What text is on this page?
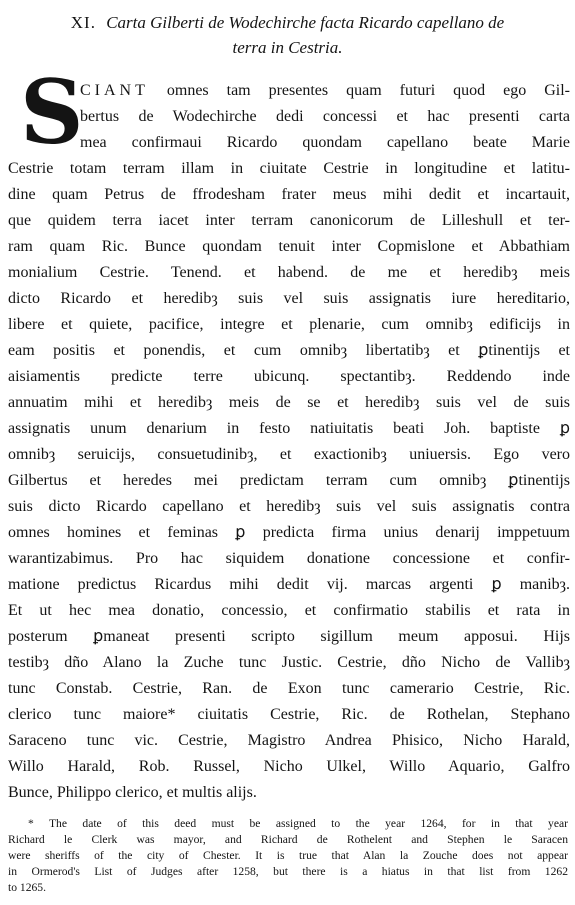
XI. Carta Gilberti de Wodechirche facta Ricardo capellano de
terra in Cestria.
S
CIANT omnes tam presentes quam futuri quod ego Gil-
bertus de Wodechirche dedi concessi et hac presenti carta
mea confirmaui Ricardo quondam capellano beate Marie
Cestrie totam terram illam in ciuitate Cestrie in longitudine et latitu-
dine quam Petrus de ffrodesham frater meus mihi dedit et incartauit,
que quidem terra iacet inter terram canonicorum de Lilleshull et ter-
ram quam Ric. Bunce quondam tenuit inter Copmislone et Abbathiam
monialium Cestrie. Tenend. et habend. de me et heredibȝ meis
dicto Ricardo et heredibȝ suis vel suis assignatis iure hereditario,
libere et quiete, pacifice, integre et plenarie, cum omnibȝ edificijs in
eam positis et ponendis, et cum omnibȝ libertatibȝ et ꝑtinentijs et
aisiamentis predicte terre ubicunq. spectantibȝ. Reddendo inde
annuatim mihi et heredibȝ meis de se et heredibȝ suis vel de suis
assignatis unum denarium in festo natiuitatis beati Joh. baptiste ꝑ
omnibȝ seruicijs, consuetudinibȝ, et exactionibȝ uniuersis. Ego vero
Gilbertus et heredes mei predictam terram cum omnibȝ ꝑtinentijs
suis dicto Ricardo capellano et heredibȝ suis vel suis assignatis contra
omnes homines et feminas ꝑ predicta firma unius denarij imppetuum
warantizabimus. Pro hac siquidem donatione concessione et confir-
matione predictus Ricardus mihi dedit vij. marcas argenti ꝑ manibȝ.
Et ut hec mea donatio, concessio, et confirmatio stabilis et rata in
posterum ꝑmaneat presenti scripto sigillum meum apposui. Hijs
testibȝ dño Alano la Zuche tunc Justic. Cestrie, dño Nicho de Vallibȝ
tunc Constab. Cestrie, Ran. de Exon tunc camerario Cestrie, Ric.
clerico tunc maiore* ciuitatis Cestrie, Ric. de Rothelan, Stephano
Saraceno tunc vic. Cestrie, Magistro Andrea Phisico, Nicho Harald,
Willo Harald, Rob. Russel, Nicho Ulkel, Willo Aquario, Galfro
Bunce, Philippo clerico, et multis alijs.
* The date of this deed must be assigned to the year 1264, for in that year
Richard le Clerk was mayor, and Richard de Rothelent and Stephen le Saracen
were sheriffs of the city of Chester. It is true that Alan la Zouche does not appear
in Ormerod's List of Judges after 1258, but there is a hiatus in that list from 1262
to 1265.
